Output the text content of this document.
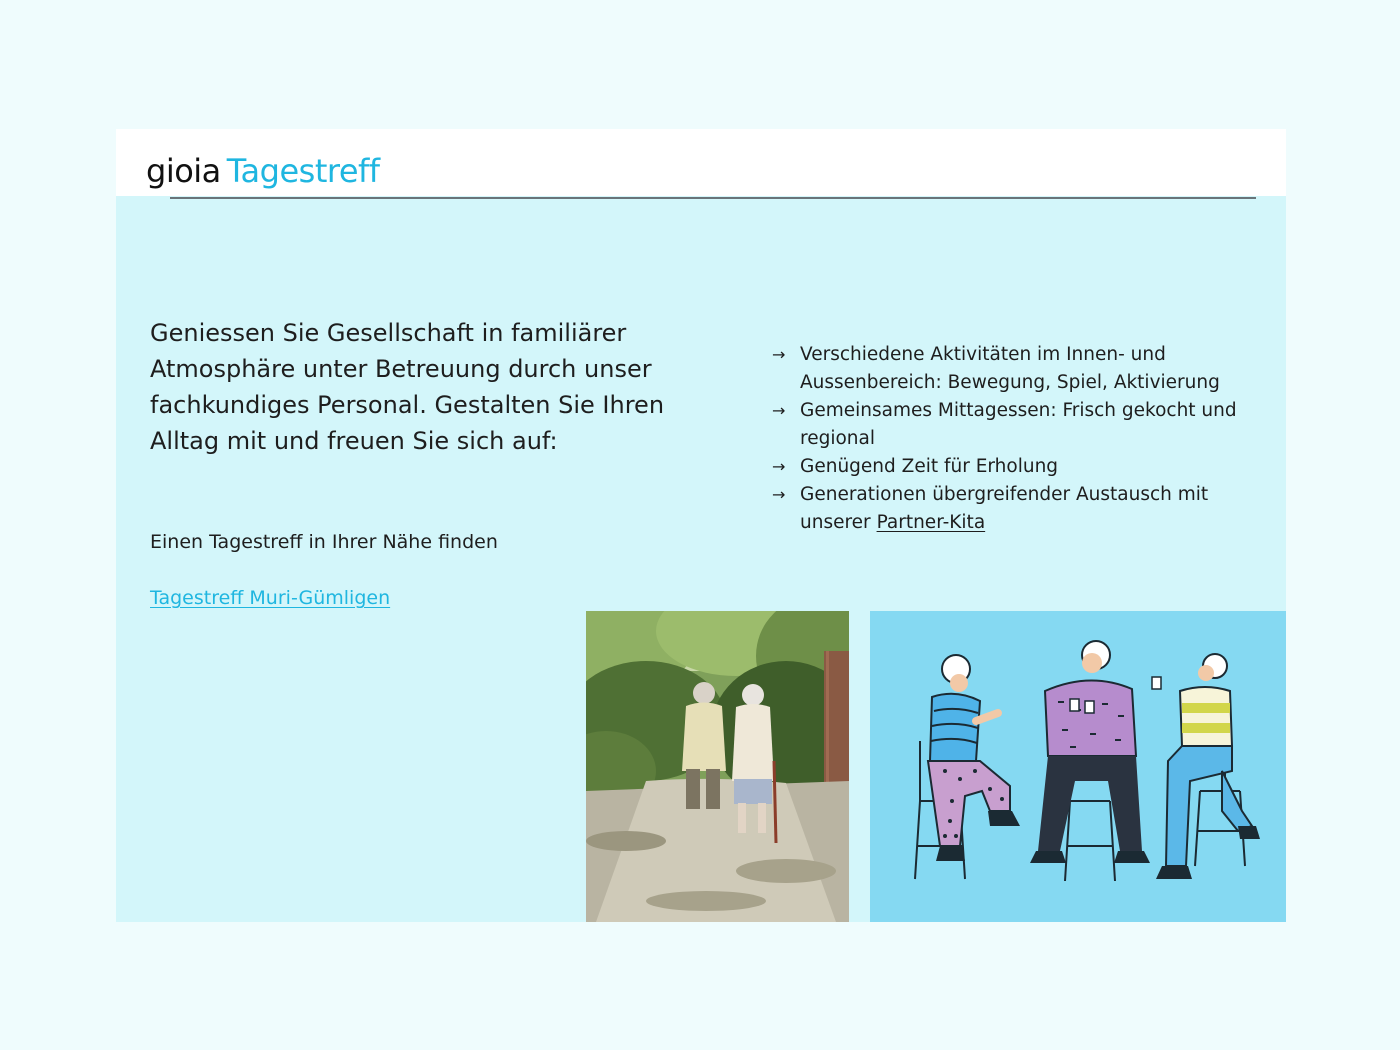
gioia Tagestreff

Geniessen Sie Gesellschaft in familiärer Atmosphäre unter Betreuung durch unser fachkundiges Personal. Gestalten Sie Ihren Alltag mit und freuen Sie sich auf:

Einen Tagestreff in Ihrer Nähe finden
Tagestreff Muri-Gümligen
→ Verschiedene Aktivitäten im Innen- und Aussenbereich: Bewegung, Spiel, Aktivierung
→ Gemeinsames Mittagessen: Frisch gekocht und regional
→ Genügend Zeit für Erholung
→ Generationen übergreifender Austausch mit unserer Partner-Kita
